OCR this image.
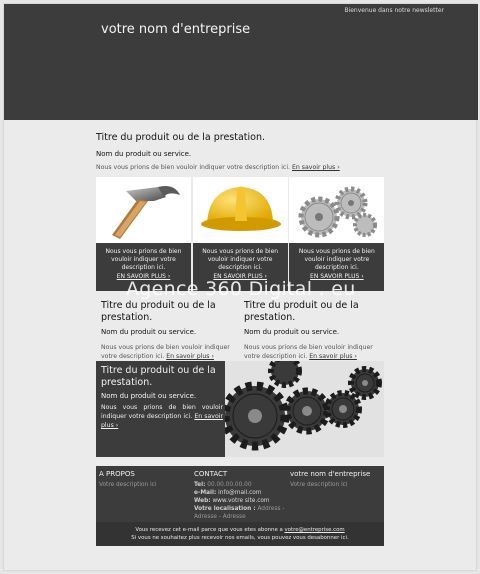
Bienvenue dans notre newsletter
votre nom d'entreprise
Titre du produit ou de la prestation.
Nom du produit ou service.
Nous vous prions de bien vouloir indiquer votre description ici. En savoir plus ›
Nous vous prions de bien vouloir indiquer votre description ici.
EN SAVOIR PLUS ›
Nous vous prions de bien vouloir indiquer votre description ici.
EN SAVOIR PLUS ›
Nous vous prions de bien vouloir indiquer votre description ici.
EN SAVOIR PLUS ›
Agence 360 Digital . eu
Titre du produit ou de la prestation.
Nom du produit ou service.
Nous vous prions de bien vouloir indiquer votre description ici. En savoir plus ›
Titre du produit ou de la prestation.
Nom du produit ou service.
Nous vous prions de bien vouloir indiquer votre description ici. En savoir plus ›
Titre du produit ou de la prestation.
Nom du produit ou service.
Nous vous prions de bien vouloir indiquer votre description ici. En savoir plus ›
A PROPOS
Votre description ici
CONTACT
Tel: 00.00.00.00.00
e-Mail: info@mail.com
Web: www.votre site.com
Votre localisation : Address - Adresse - Adresse
votre nom d'entreprise
Votre description ici
Vous recevez cet e-mail parce que vous etes abonne a votre@entreprise.com
Si vous ne souhaitez plus recevoir nos emails, vous pouvez vous desabonner ici.
